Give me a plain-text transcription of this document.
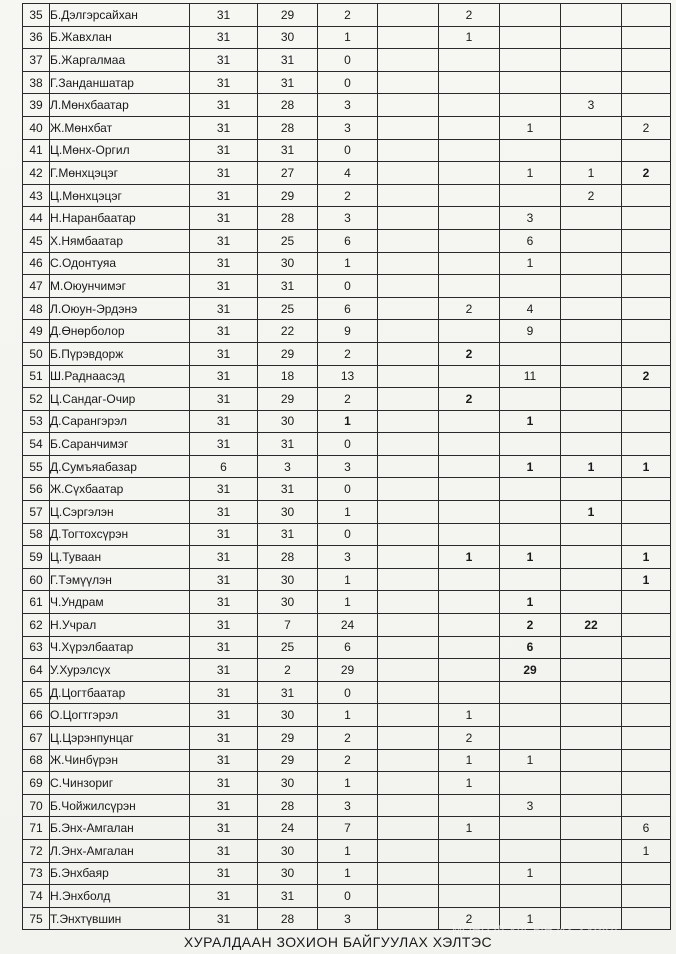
35	Б.Дэлгэрсайхан	31	29	2		2			
36	Б.Жавхлан	31	30	1		1			
37	Б.Жаргалмаа	31	31	0					
38	Г.Занданшатар	31	31	0					
39	Л.Мөнхбаатар	31	28	3				3	
40	Ж.Мөнхбат	31	28	3			1		2
41	Ц.Мөнх-Оргил	31	31	0					
42	Г.Мөнхцэцэг	31	27	4			1	1	2
43	Ц.Мөнхцэцэг	31	29	2				2	
44	Н.Наранбаатар	31	28	3			3		
45	Х.Нямбаатар	31	25	6			6		
46	С.Одонтуяа	31	30	1			1		
47	М.Оюунчимэг	31	31	0					
48	Л.Оюун-Эрдэнэ	31	25	6		2	4		
49	Д.Өнөрболор	31	22	9			9		
50	Б.Пүрэвдорж	31	29	2		2			
51	Ш.Раднаасэд	31	18	13			11		2
52	Ц.Сандаг-Очир	31	29	2		2			
53	Д.Сарангэрэл	31	30	1			1		
54	Б.Саранчимэг	31	31	0					
55	Д.Сумъяабазар	6	3	3			1	1	1
56	Ж.Сүхбаатар	31	31	0					
57	Ц.Сэргэлэн	31	30	1				1	
58	Д.Тогтохсүрэн	31	31	0					
59	Ц.Туваан	31	28	3		1	1		1
60	Г.Тэмүүлэн	31	30	1					1
61	Ч.Ундрам	31	30	1			1		
62	Н.Учрал	31	7	24			2	22	
63	Ч.Хүрэлбаатар	31	25	6			6		
64	У.Хурэлсүх	31	2	29			29		
65	Д.Цогтбаатар	31	31	0					
66	О.Цогтгэрэл	31	30	1		1			
67	Ц.Цэрэнпунцаг	31	29	2		2			
68	Ж.Чинбүрэн	31	29	2		1	1		
69	С.Чинзориг	31	30	1		1			
70	Б.Чойжилсүрэн	31	28	3			3		
71	Б.Энх-Амгалан	31	24	7		1			6
72	Л.Энх-Амгалан	31	30	1					1
73	Б.Энхбаяр	31	30	1			1		
74	Н.Энхболд	31	31	0					
75	Т.Энхтүвшин	31	28	3		2	1		
МОНГОЛ УЛСЫН ИХ ХУРАЛ
ХУРАЛДААН ЗОХИОН БАЙГУУЛАХ ХЭЛТЭС
